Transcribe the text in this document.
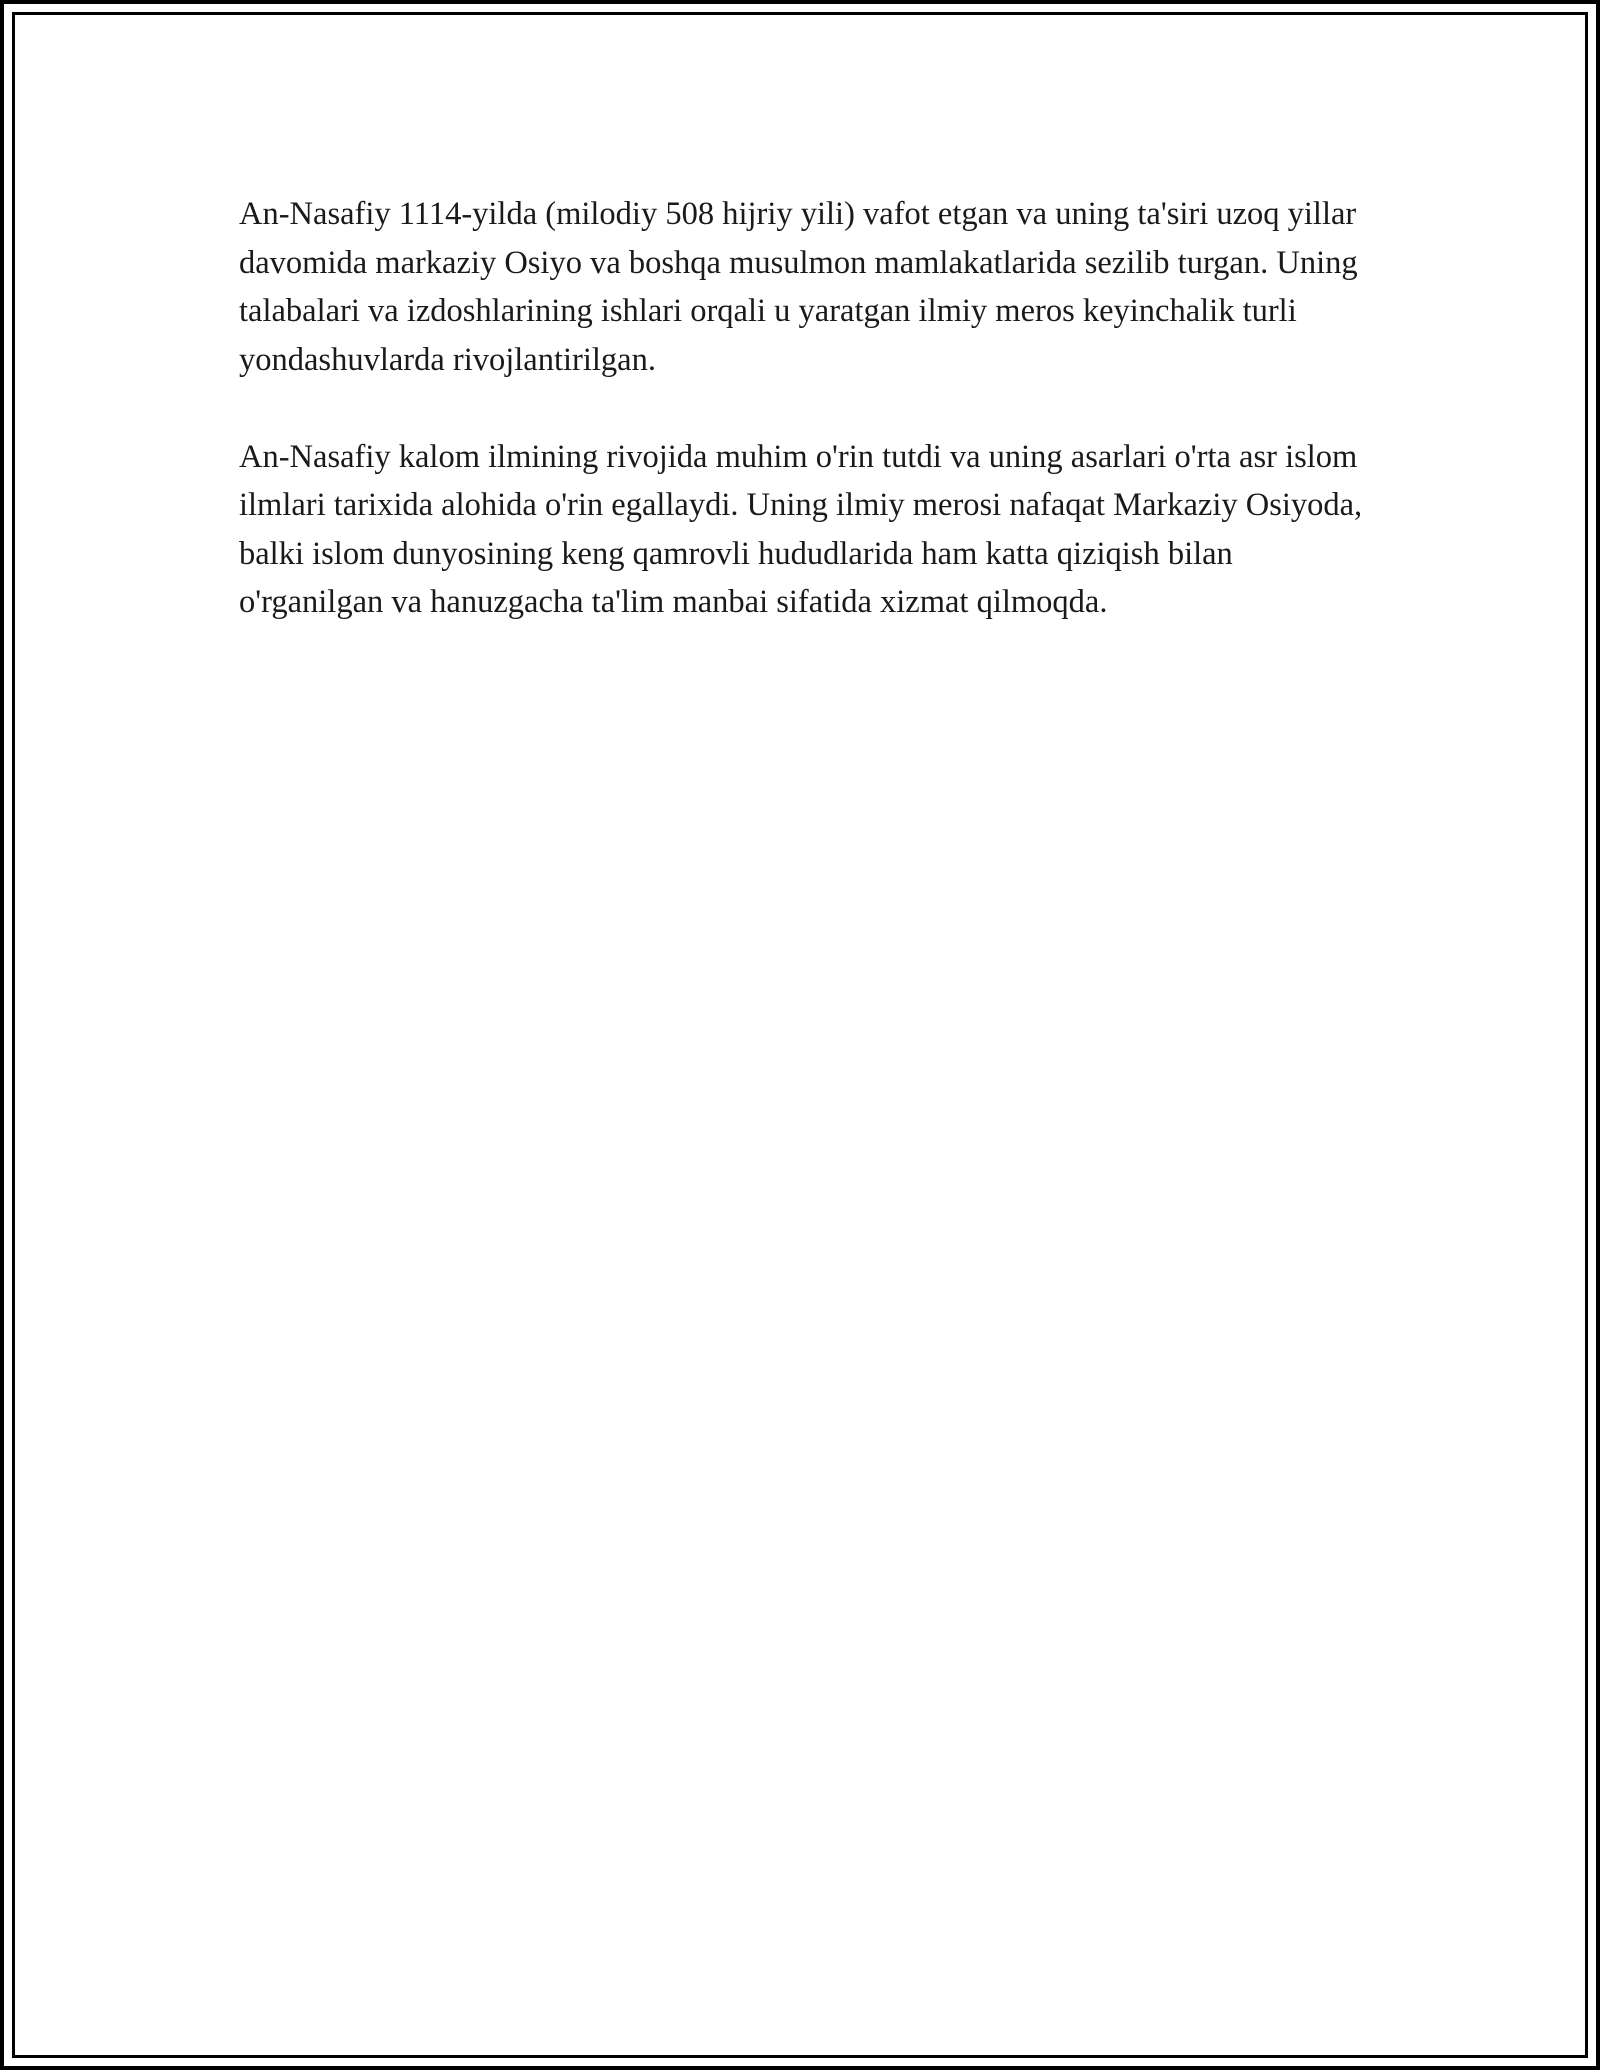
An-Nasafiy 1114-yilda (milodiy 508 hijriy yili) vafot etgan va uning ta'siri uzoq yillar davomida markaziy Osiyo va boshqa musulmon mamlakatlarida sezilib turgan. Uning talabalari va izdoshlarining ishlari orqali u yaratgan ilmiy meros keyinchalik turli yondashuvlarda rivojlantirilgan.

An-Nasafiy kalom ilmining rivojida muhim o'rin tutdi va uning asarlari o'rta asr islom ilmlari tarixida alohida o'rin egallaydi. Uning ilmiy merosi nafaqat Markaziy Osiyoda, balki islom dunyosining keng qamrovli hududlarida ham katta qiziqish bilan o'rganilgan va hanuzgacha ta'lim manbai sifatida xizmat qilmoqda.
